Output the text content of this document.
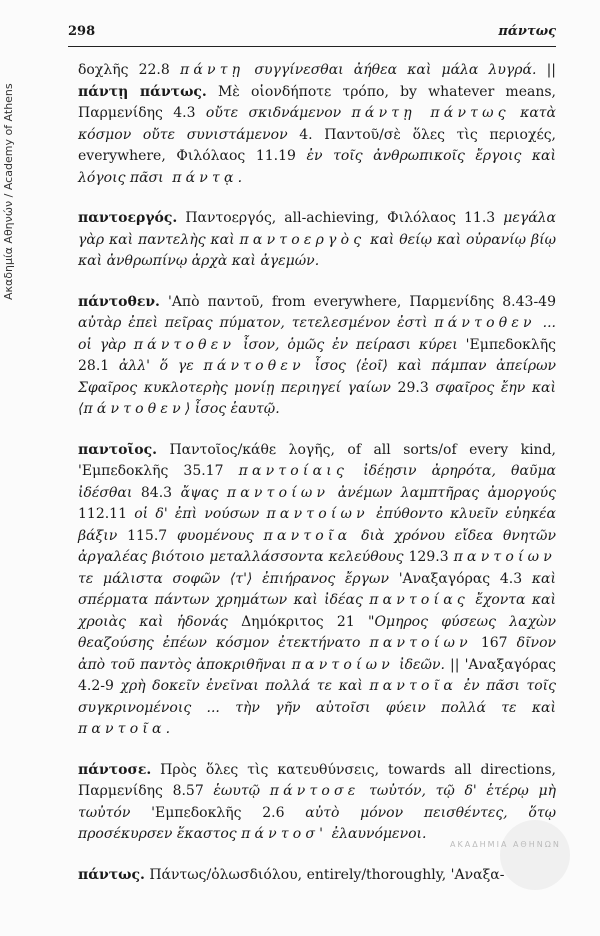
Ακαδημία Αθηνών / Academy of Athens
298	πάντως

δοχλῆς 22.8 πάντῃ συγγίνεσθαι ἀήθεα καὶ μάλα λυγρά. || πάντῃ πάντως. Μὲ οἱονδήποτε τρόπο, by whatever means, Παρμενίδης 4.3 οὔτε σκιδνάμενον πάντῃ πάντως κατὰ κόσμον οὔτε συνιστάμενον 4. Παντοῦ/σὲ ὅλες τὶς περιοχές, everywhere, Φιλόλαος 11.19 ἐν τοῖς ἀνθρωπικοῖς ἔργοις καὶ λόγοις πᾶσι πάντᾳ.

παντοεργός. Παντοεργός, all-achieving, Φιλόλαος 11.3 μεγάλα γὰρ καὶ παντελὴς καὶ παντοεργὸς καὶ θείῳ καὶ οὐρανίῳ βίῳ καὶ ἀνθρωπίνῳ ἀρχὰ καὶ ἁγεμών.

πάντοθεν. 'Απὸ παντοῦ, from everywhere, Παρμενίδης 8.43-49 αὐτὰρ ἐπεὶ πεῖρας πύματον, τετελεσμένον ἐστὶ πάντοθεν ... οἱ γὰρ πάντοθεν ἶσον, ὁμῶς ἐν πείρασι κύρει 'Εμπεδοκλῆς 28.1 ἀλλ' ὅ γε πάντοθεν ἶσος ⟨ἑοῖ⟩ καὶ πάμπαν ἀπείρων Σφαῖρος κυκλοτερὴς μονίῃ περιηγεί γαίων 29.3 σφαῖρος ἔην καὶ ⟨πάντοθεν⟩ ἶσος ἑαυτῷ.

παντοῖος. Παντοῖος/κάθε λογῆς, of all sorts/of every kind, 'Εμπεδοκλῆς 35.17 παντοίαις ἰδέῃσιν ἀρηρότα, θαῦμα ἰδέσθαι 84.3 ἄψας παντοίων ἀνέμων λαμπτῆρας ἀμοργούς 112.11 οἱ δ' ἐπὶ νούσων παντοίων ἐπύθοντο κλυεῖν εὐηκέα βάξιν 115.7 φυομένους παντοῖα διὰ χρόνου εἴδεα θνητῶν ἀργαλέας βιότοιο μεταλλάσσοντα κελεύθους 129.3 παντοίων τε μάλιστα σοφῶν ⟨τ'⟩ ἐπιήρανος ἔργων 'Αναξαγόρας 4.3 καὶ σπέρματα πάντων χρημάτων καὶ ἰδέας παντοίας ἔχοντα καὶ χροιὰς καὶ ἡδονάς Δημόκριτος 21 "Ομηρος φύσεως λαχὼν θεαζούσης ἐπέων κόσμον ἐτεκτήνατο παντοίων 167 δῖνον ἀπὸ τοῦ παντὸς ἀποκριθῆναι παντοίων ἰδεῶν. || 'Αναξαγόρας 4.2-9 χρὴ δοκεῖν ἐνεῖναι πολλά τε καὶ παντοῖα ἐν πᾶσι τοῖς συγκρινομένοις ... τὴν γῆν αὐτοῖσι φύειν πολλά τε καὶ παντοῖα.

πάντοσε. Πρὸς ὅλες τὶς κατευθύνσεις, towards all directions, Παρμενίδης 8.57 ἑωυτῷ πάντοσε τωὐτόν, τῷ δ' ἑτέρῳ μὴ τωὐτόν 'Εμπεδοκλῆς 2.6 αὐτὸ μόνον πεισθέντες, ὅτῳ προσέκυρσεν ἕκαστος πάντοσ' ἐλαυνόμενοι.

πάντως. Πάντως/ὁλωσδιόλου, entirely/thoroughly, 'Αναξα-

ΑΚΑΔΗΜΙΑ ΑΘΗΝΩΝ
